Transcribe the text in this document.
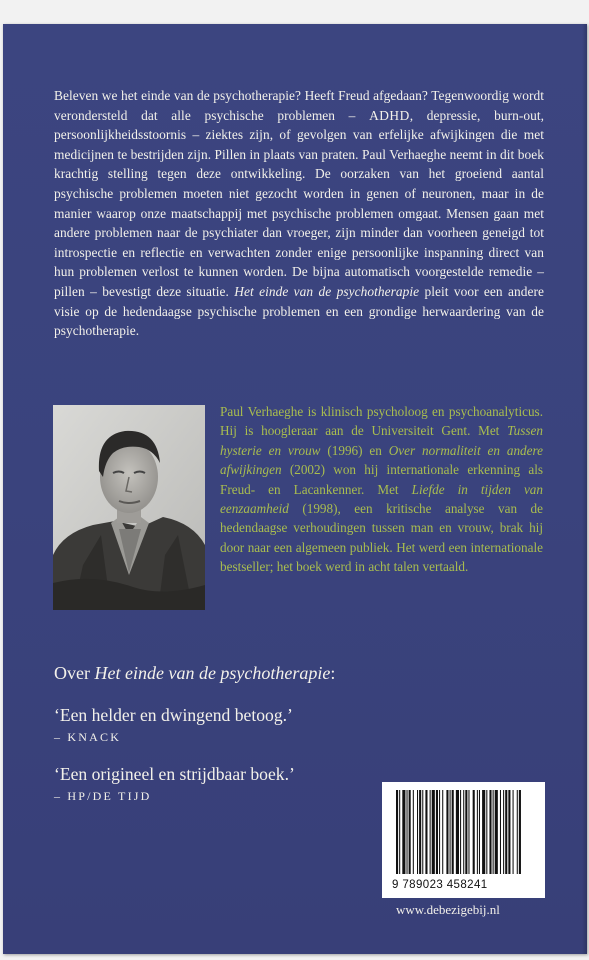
Beleven we het einde van de psychotherapie? Heeft Freud afgedaan? Tegenwoordig wordt verondersteld dat alle psychische problemen – ADHD, depressie, burn-out, persoonlijkheidsstoornis – ziektes zijn, of gevolgen van erfelijke afwijkingen die met medicijnen te bestrijden zijn. Pillen in plaats van praten. Paul Verhaeghe neemt in dit boek krachtig stelling tegen deze ontwikkeling. De oorzaken van het groeiend aantal psychische problemen moeten niet gezocht worden in genen of neuronen, maar in de manier waarop onze maatschappij met psychische problemen omgaat. Mensen gaan met andere problemen naar de psychiater dan vroeger, zijn minder dan voorheen geneigd tot introspectie en reflectie en verwachten zonder enige persoonlijke inspanning direct van hun problemen verlost te kunnen worden. De bijna automatisch voorgestelde remedie – pillen – bevestigt deze situatie. Het einde van de psychotherapie pleit voor een andere visie op de hedendaagse psychische problemen en een grondige herwaardering van de psychotherapie.

Paul Verhaeghe is klinisch psycholoog en psychoanalyticus. Hij is hoogleraar aan de Universiteit Gent. Met Tussen hysterie en vrouw (1996) en Over normaliteit en andere afwijkingen (2002) won hij internationale erkenning als Freud- en Lacankenner. Met Liefde in tijden van eenzaamheid (1998), een kritische analyse van de hedendaagse verhoudingen tussen man en vrouw, brak hij door naar een algemeen publiek. Het werd een internationale bestseller; het boek werd in acht talen vertaald.

Over Het einde van de psychotherapie:

‘Een helder en dwingend betoog.’

– KNACK

‘Een origineel en strijdbaar boek.’

– HP/DE TIJD

9 789023 458241

www.debezigebij.nl
